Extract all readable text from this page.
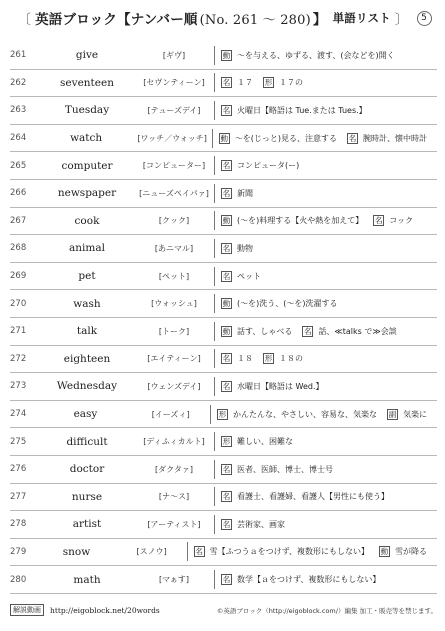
〔 英語ブロック 【ナンバー順 (No. 261 ～ 280) 】 単語リスト 〕	5
261	give	[ギヴ]	動 ～を与える、ゆずる、渡す、(会などを)開く
262	seventeen	[セヴンティーン]	名 １７ 形 １７の
263	Tuesday	[テューズデイ]	名 火曜日【略語は Tue.または Tues.】
264	watch	[ワッチ／ウォッチ] 動 ～を(じっと)見る、注意する 名 腕時計、懐中時計
265	computer	[コンピューター]	名 コンピュータ(ー)
266	newspaper	[ニューズペイパァ] 名 新聞
267	cook	[クック]	動 (～を)料理する【火や熱を加えて】 名 コック
268	animal	[あニマル]	名 動物
269	pet	[ペット]	名 ペット
270	wash	[ウォッシュ]	動 (～を)洗う、(～を)洗濯する
271	talk	[トーク]	動 話す、しゃべる 名 話、≪talks で≫会談
272	eighteen	[エイティーン]	名 １８ 形 １８の
273	Wednesday	[ウェンズデイ]	名 水曜日【略語は Wed.】
274	easy	[イーズィ]	形 かんたんな、やさしい、容易な、気楽な 副 気楽に
275	difficult	[ディふィカルト]	形 難しい、困難な
276	doctor	[ダクタァ]	名 医者、医師、博士、博士号
277	nurse	[ナ～ス]	名 看護士、看護婦、看護人【男性にも使う】
278	artist	[アーティスト]	名 芸術家、画家
279	snow	[スノウ]	名 雪【ふつうａをつけず、複数形にもしない】 動 雪が降る
280	math	[マぁす]	名 数学【ａをつけず、複数形にもしない】
解説動画	http://eigoblock.net/20words	©英語ブロック（http://eigoblock.com/）編集 加工・販売等を禁じます。
